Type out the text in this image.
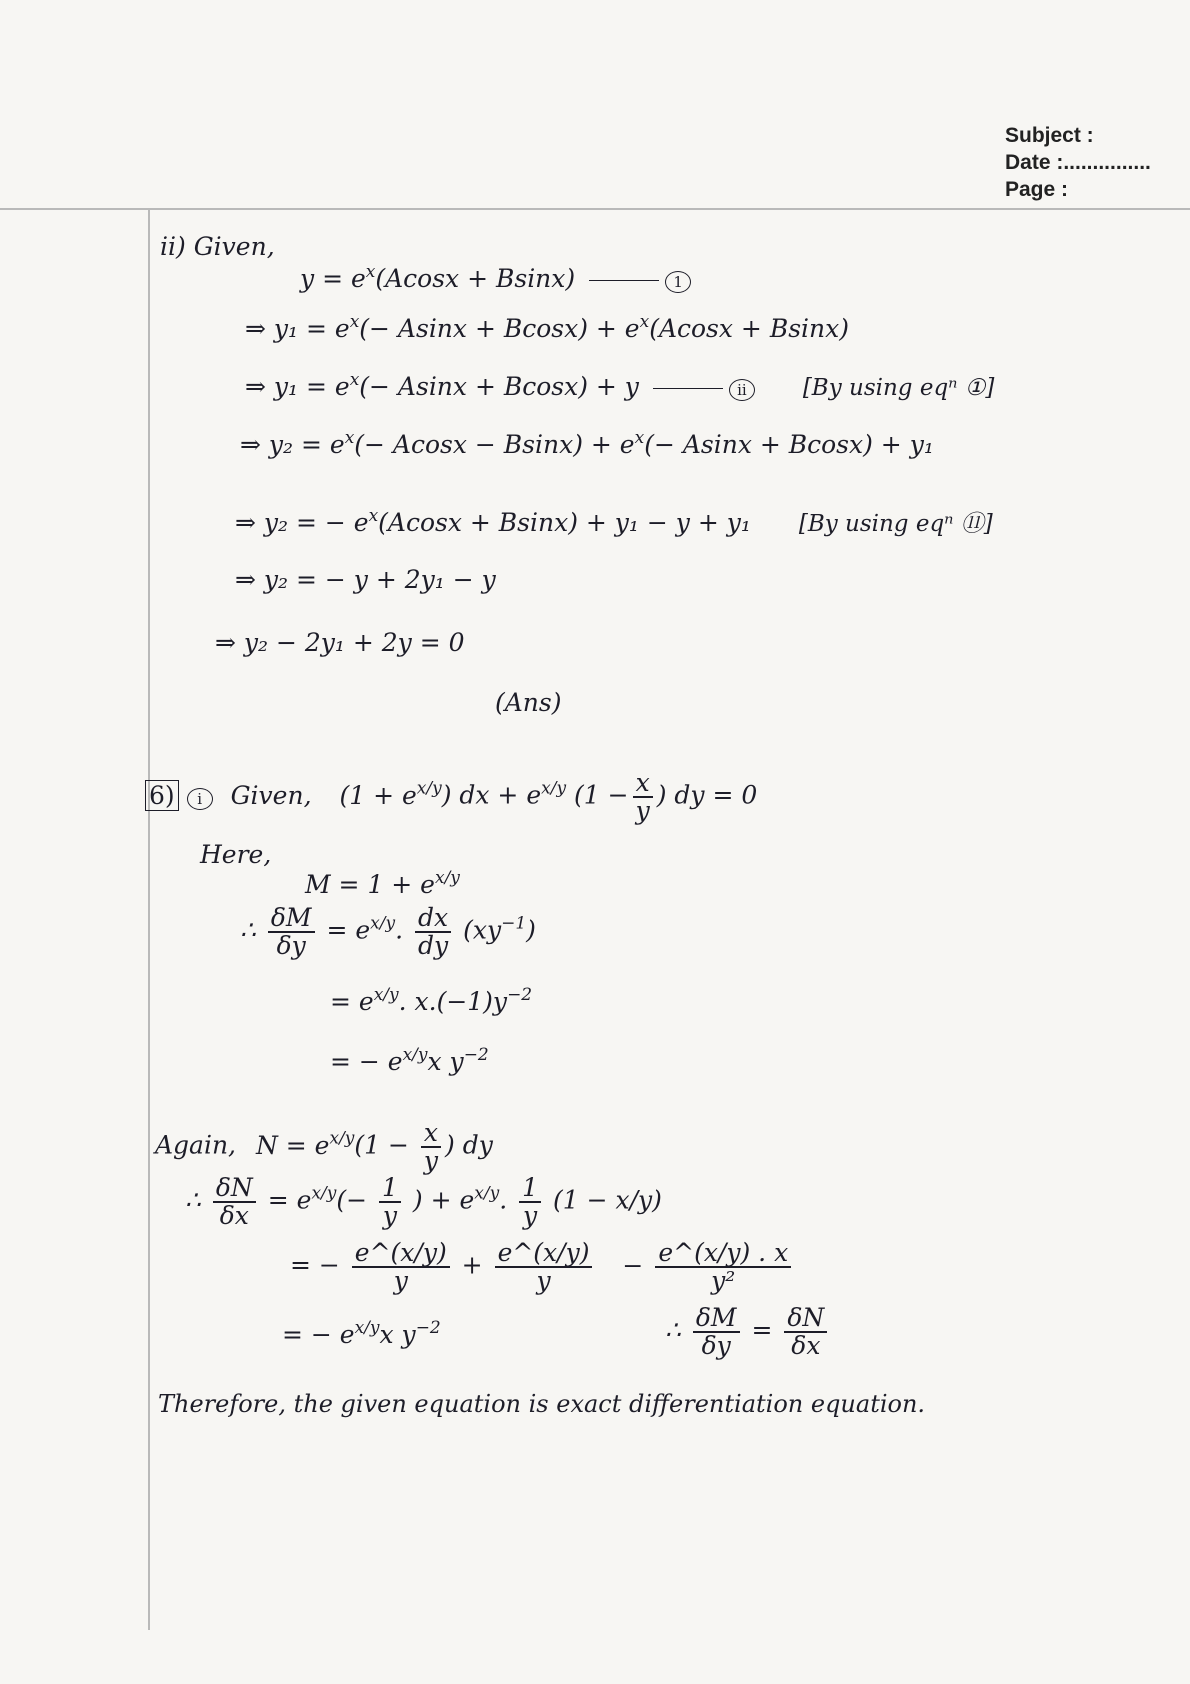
Subject :
Date :...............
Page :
ii) Given,
$y = e^x(Acosx + Bsinx)$	1
⇒ $y_1 = e^x(- Asinx + Bcosx) + e^x(Acosx + Bsinx)$
⇒ $y_1 = e^x(- Asinx + Bcosx) + y$	ii [By using eqⁿ ①]
⇒ $y_2 = e^x(- Acosx - Bsinx) + e^x(- Asinx + Bcosx) + y_1$
⇒ y₂ = − $e^x(Acosx + Bsinx) + y_1 - y + y_1$ [By using eqⁿ ⑪]
⇒ y₂ = − y + 2y₁ − y
⇒ y₂ − 2y₁ + 2y = 0
(Ans)
6) i Given, $(1 + e^{x/y})$ dx + $e^{x/y}$ ($1 - \frac{x}{y}$ ) dy = 0
Here,
$M = 1 + e^{x/y}$
∴ $\frac{\delta M}{\delta y} = e^{x/y}$. $\frac{dx}{dy} (xy^{-1})$
= $e^{x/y}$. $x.(-1)y^{-2}$
= − $e^{x/y}x$ $y^{-2}$
Again, $N = e^{x/y}(1 - \frac{x}{y}$ ) dy
∴ $\frac{\delta N}{\delta x} = e^{x/y}(- \frac{1}{y}$ ) + $e^{x/y}$. $\frac{1}{y} (1 - x/y)$
= − $\frac{e\^{}(x/y)}{y} + \frac{e\^{}(x/y)}{y} - \frac{e\^{}(x/y) . x}{\text{y²}}$
= − $e^{x/y}x$ $y^{-2}$	∴ $\frac{\delta M}{\delta y} = \frac{\delta N}{\delta x}$
Therefore, the given equation is exact differentiation equation.
